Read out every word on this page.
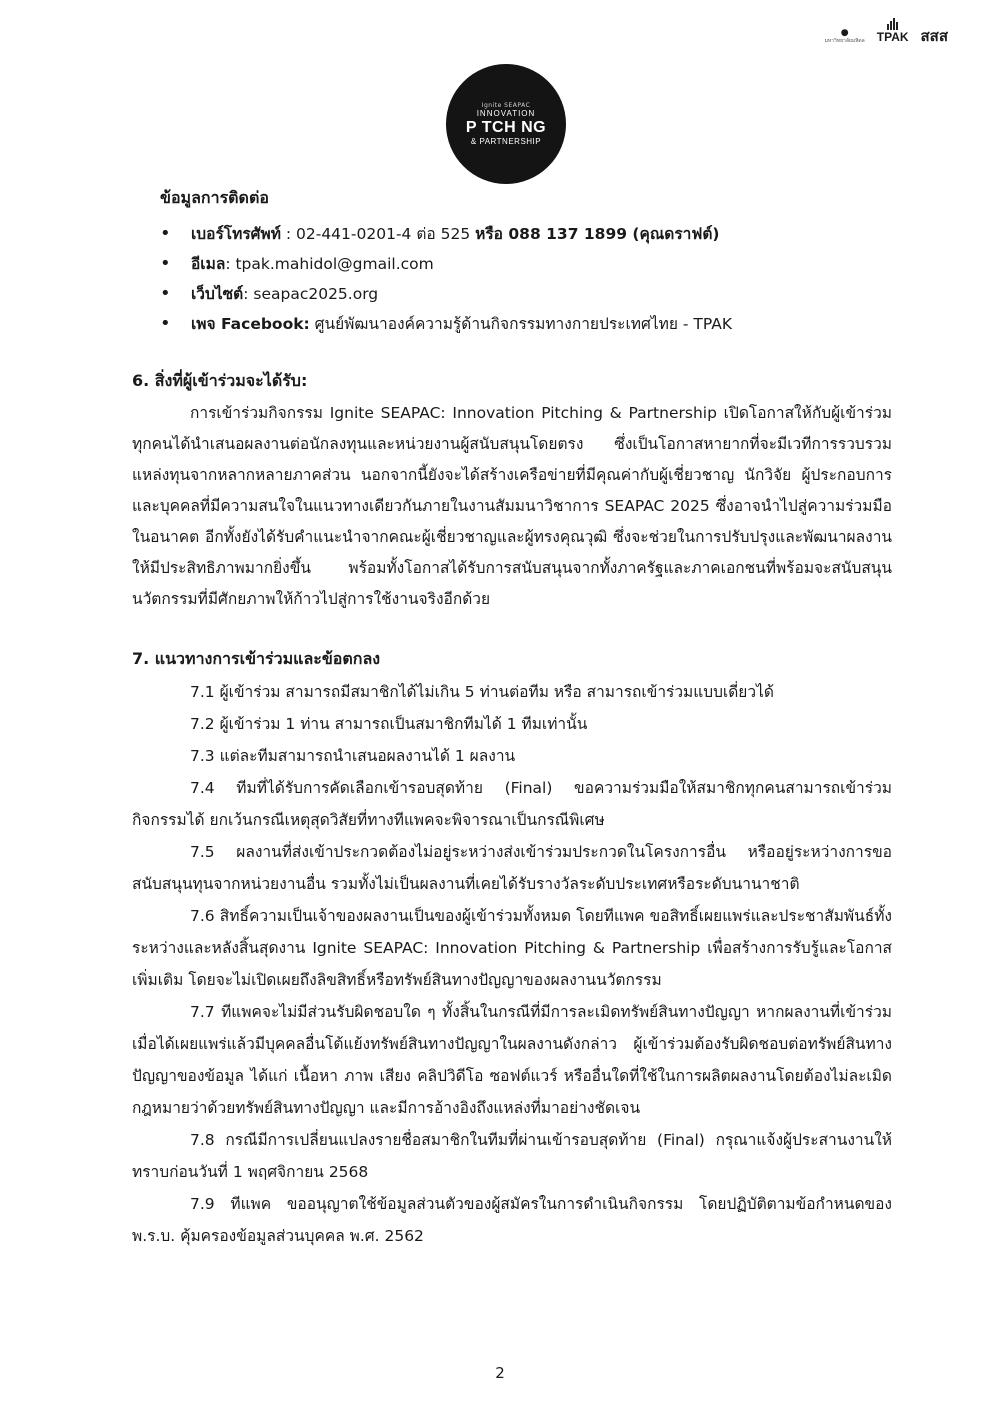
●
มหาวิทยาลัยมหิดล TPAK สสส
Ignite SEAPAC
INNOVATION
P TCH NG
& PARTNERSHIP

ข้อมูลการติดต่อ

• เบอร์โทรศัพท์ : 02-441-0201-4 ต่อ 525 หรือ 088 137 1899 (คุณดราฟต์)
• อีเมล: tpak.mahidol@gmail.com
• เว็บไซต์: seapac2025.org
• เพจ Facebook: ศูนย์พัฒนาองค์ความรู้ด้านกิจกรรมทางกายประเทศไทย - TPAK

6. สิ่งที่ผู้เข้าร่วมจะได้รับ:

การเข้าร่วมกิจกรรม Ignite SEAPAC: Innovation Pitching & Partnership เปิดโอกาสให้กับผู้เข้าร่วมทุกคนได้นำเสนอผลงานต่อนักลงทุนและหน่วยงานผู้สนับสนุนโดยตรง ซึ่งเป็นโอกาสหายากที่จะมีเวทีการรวบรวมแหล่งทุนจากหลากหลายภาคส่วน นอกจากนี้ยังจะได้สร้างเครือข่ายที่มีคุณค่ากับผู้เชี่ยวชาญ นักวิจัย ผู้ประกอบการ และบุคคลที่มีความสนใจในแนวทางเดียวกันภายในงานสัมมนาวิชาการ SEAPAC 2025 ซึ่งอาจนำไปสู่ความร่วมมือในอนาคต อีกทั้งยังได้รับคำแนะนำจากคณะผู้เชี่ยวชาญและผู้ทรงคุณวุฒิ ซึ่งจะช่วยในการปรับปรุงและพัฒนาผลงานให้มีประสิทธิภาพมากยิ่งขึ้น พร้อมทั้งโอกาสได้รับการสนับสนุนจากทั้งภาครัฐและภาคเอกชนที่พร้อมจะสนับสนุนนวัตกรรมที่มีศักยภาพให้ก้าวไปสู่การใช้งานจริงอีกด้วย

7. แนวทางการเข้าร่วมและข้อตกลง

7.1 ผู้เข้าร่วม สามารถมีสมาชิกได้ไม่เกิน 5 ท่านต่อทีม หรือ สามารถเข้าร่วมแบบเดี่ยวได้

7.2 ผู้เข้าร่วม 1 ท่าน สามารถเป็นสมาชิกทีมได้ 1 ทีมเท่านั้น

7.3 แต่ละทีมสามารถนำเสนอผลงานได้ 1 ผลงาน

7.4 ทีมที่ได้รับการคัดเลือกเข้ารอบสุดท้าย (Final) ขอความร่วมมือให้สมาชิกทุกคนสามารถเข้าร่วมกิจกรรมได้ ยกเว้นกรณีเหตุสุดวิสัยที่ทางทีแพคจะพิจารณาเป็นกรณีพิเศษ

7.5 ผลงานที่ส่งเข้าประกวดต้องไม่อยู่ระหว่างส่งเข้าร่วมประกวดในโครงการอื่น หรืออยู่ระหว่างการขอสนับสนุนทุนจากหน่วยงานอื่น รวมทั้งไม่เป็นผลงานที่เคยได้รับรางวัลระดับประเทศหรือระดับนานาชาติ

7.6 สิทธิ์ความเป็นเจ้าของผลงานเป็นของผู้เข้าร่วมทั้งหมด โดยทีแพค ขอสิทธิ์เผยแพร่และประชาสัมพันธ์ทั้งระหว่างและหลังสิ้นสุดงาน Ignite SEAPAC: Innovation Pitching & Partnership เพื่อสร้างการรับรู้และโอกาสเพิ่มเติม โดยจะไม่เปิดเผยถึงลิขสิทธิ์หรือทรัพย์สินทางปัญญาของผลงานนวัตกรรม

7.7 ทีแพคจะไม่มีส่วนรับผิดชอบใด ๆ ทั้งสิ้นในกรณีที่มีการละเมิดทรัพย์สินทางปัญญา หากผลงานที่เข้าร่วม เมื่อได้เผยแพร่แล้วมีบุคคลอื่นโต้แย้งทรัพย์สินทางปัญญาในผลงานดังกล่าว ผู้เข้าร่วมต้องรับผิดชอบต่อทรัพย์สินทางปัญญาของข้อมูล ได้แก่ เนื้อหา ภาพ เสียง คลิปวิดีโอ ซอฟต์แวร์ หรืออื่นใดที่ใช้ในการผลิตผลงานโดยต้องไม่ละเมิดกฎหมายว่าด้วยทรัพย์สินทางปัญญา และมีการอ้างอิงถึงแหล่งที่มาอย่างชัดเจน

7.8 กรณีมีการเปลี่ยนแปลงรายชื่อสมาชิกในทีมที่ผ่านเข้ารอบสุดท้าย (Final) กรุณาแจ้งผู้ประสานงานให้ทราบก่อนวันที่ 1 พฤศจิกายน 2568

7.9 ทีแพค ขออนุญาตใช้ข้อมูลส่วนตัวของผู้สมัครในการดำเนินกิจกรรม โดยปฏิบัติตามข้อกำหนดของ พ.ร.บ. คุ้มครองข้อมูลส่วนบุคคล พ.ศ. 2562

2
